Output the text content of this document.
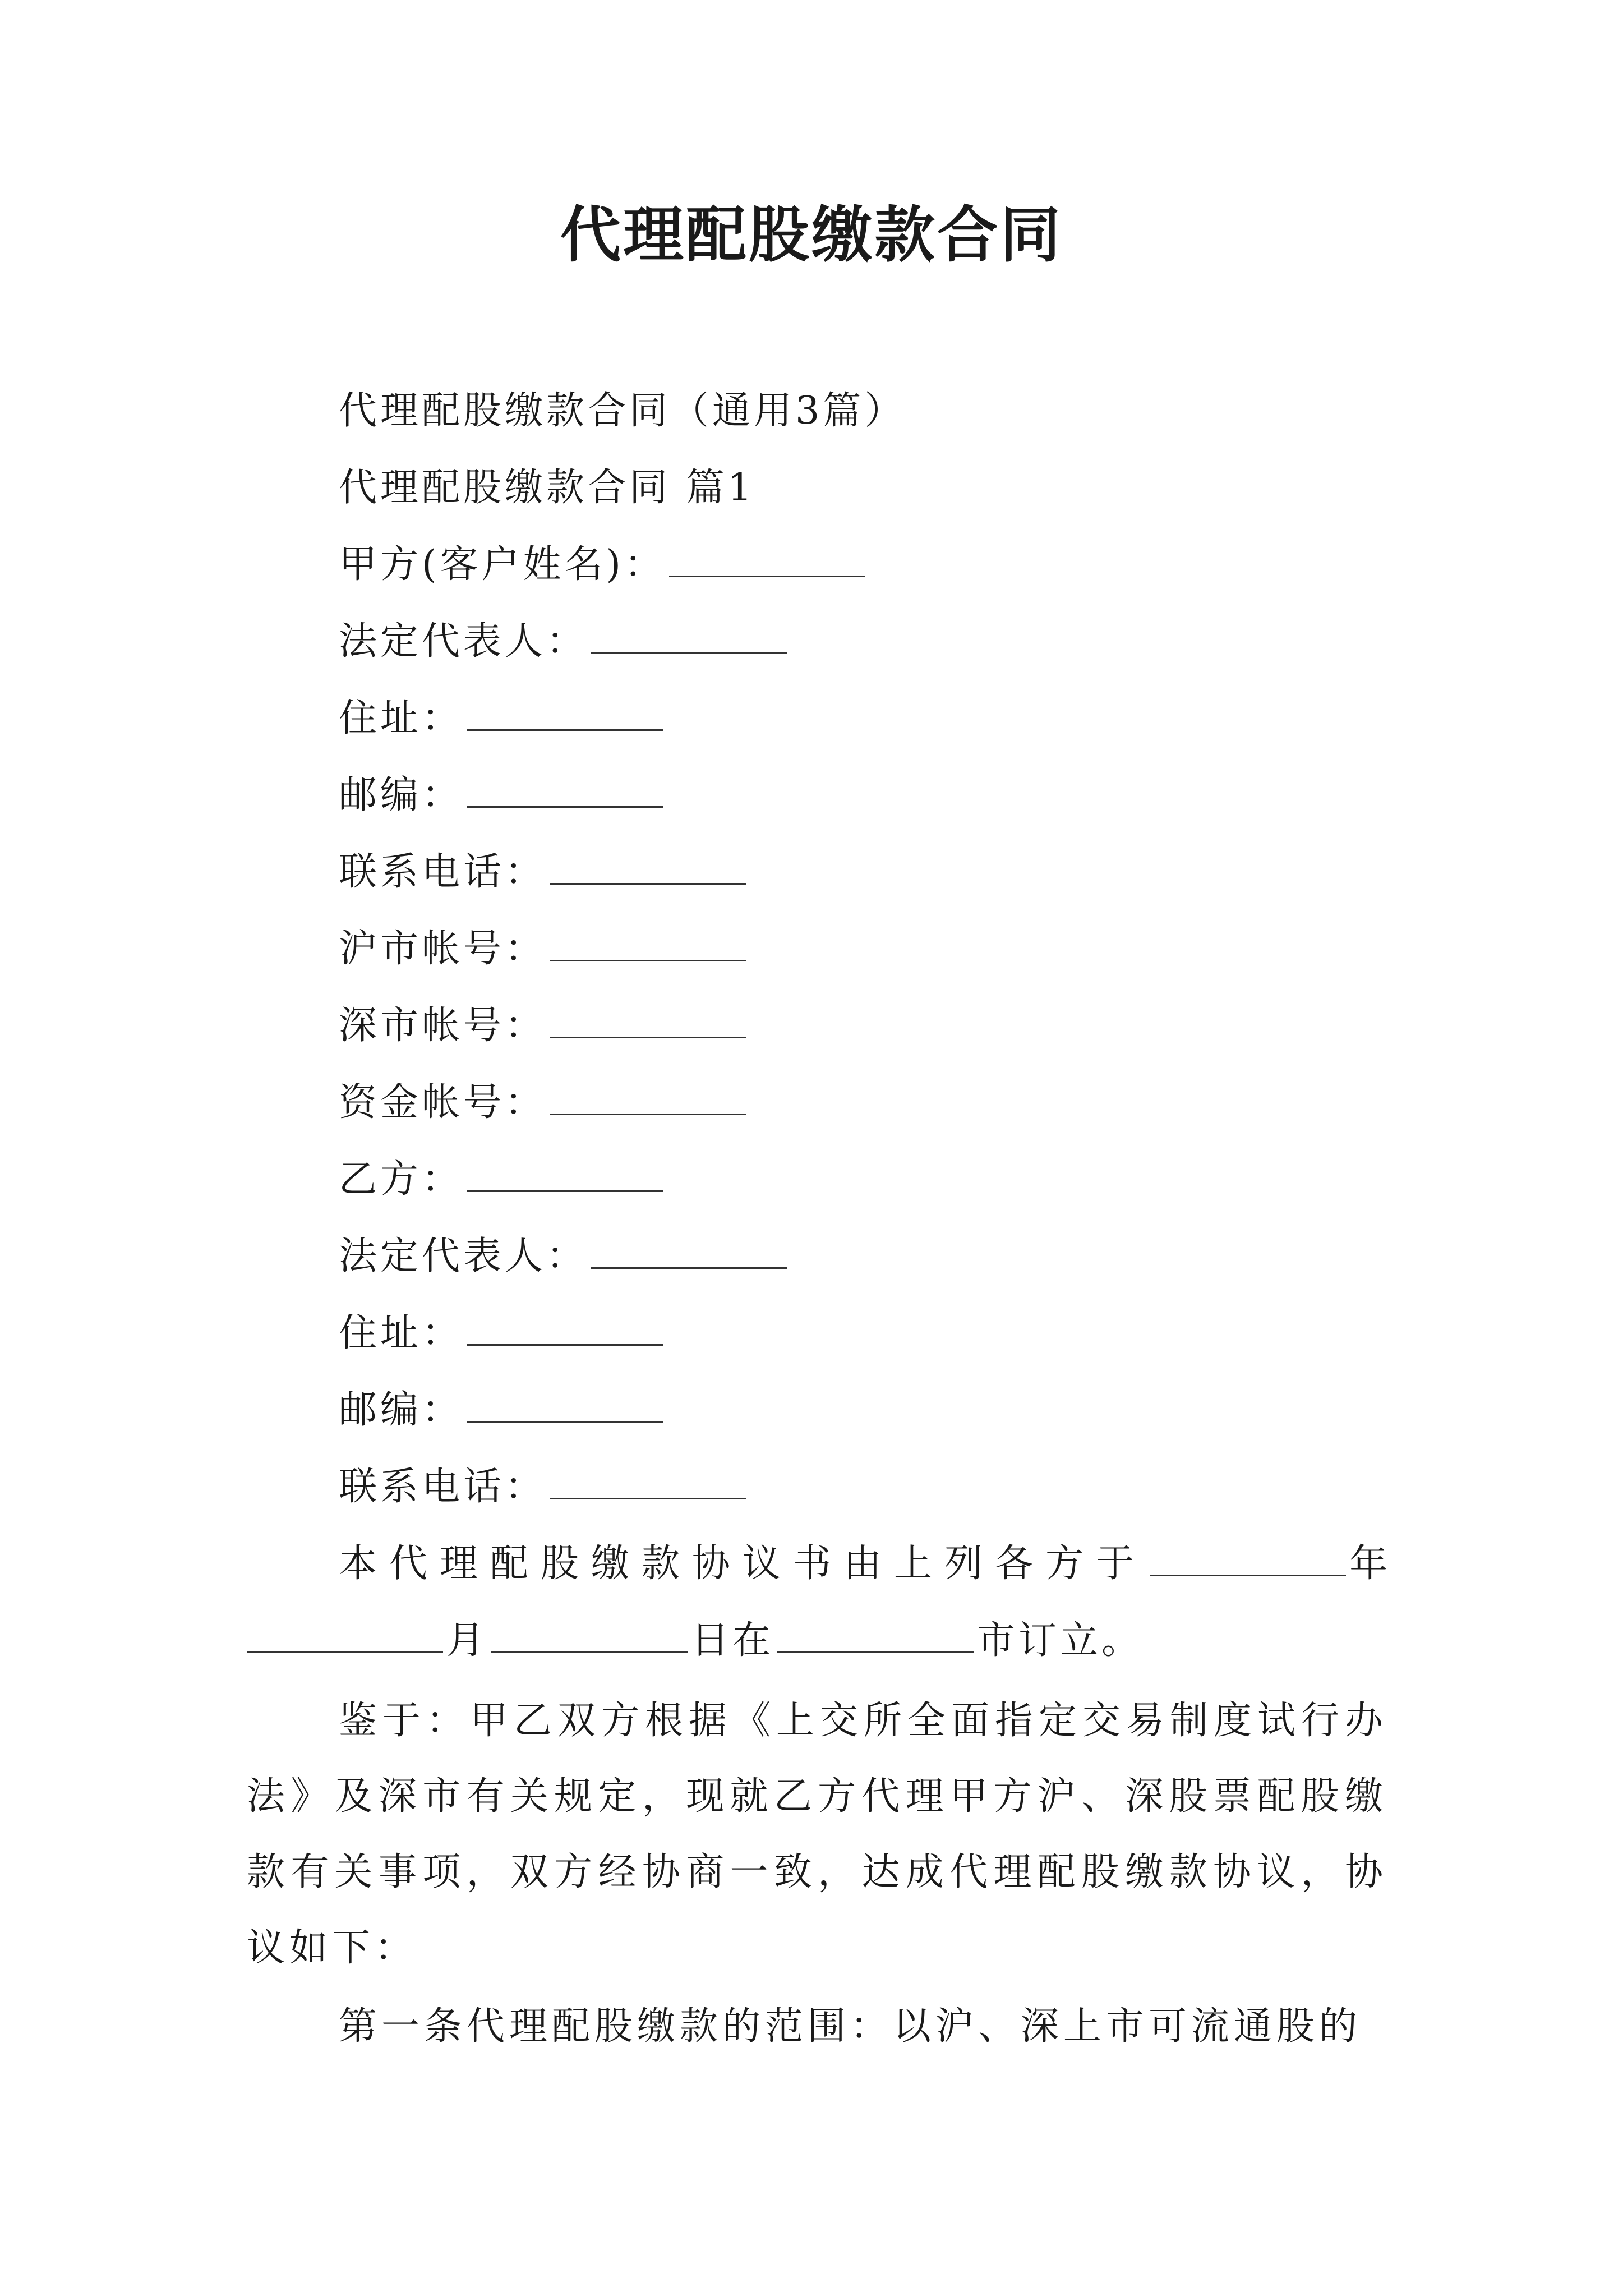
代理配股缴款合同
代理配股缴款合同（通用3篇）
代理配股缴款合同 篇1
甲方(客户姓名)：
法定代表人：
住址：
邮编：
联系电话：
沪市帐号：
深市帐号：
资金帐号：
乙方：
法定代表人：
住址：
邮编：
联系电话：
本代理配股缴款协议书由上列各方于	年
月	日在	市订立。
鉴于：甲乙双方根据《上交所全面指定交易制度试行办法》及深市有关规定，现就乙方代理甲方沪、深股票配股缴款有关事项，双方经协商一致，达成代理配股缴款协议，协议如下：
第一条代理配股缴款的范围：以沪、深上市可流通股的
